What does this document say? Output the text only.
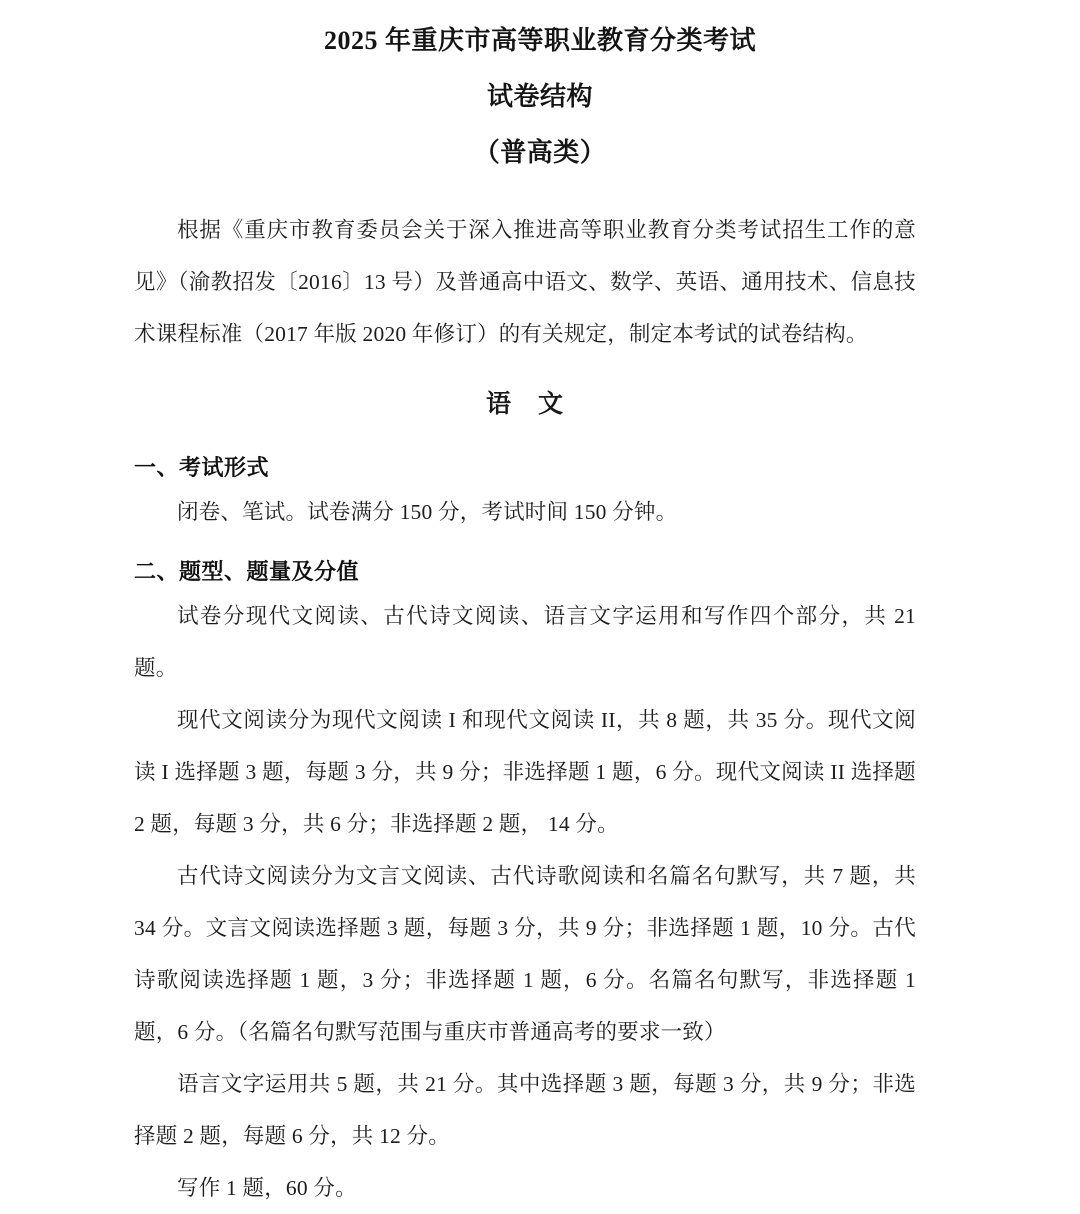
2025 年重庆市高等职业教育分类考试
试卷结构
（普高类）

根据《重庆市教育委员会关于深入推进高等职业教育分类考试招生工作的意见》（渝教招发〔2016〕13 号）及普通高中语文、数学、英语、通用技术、信息技术课程标准（2017 年版 2020 年修订）的有关规定，制定本考试的试卷结构。

语　文
一、考试形式

闭卷、笔试。试卷满分 150 分，考试时间 150 分钟。

二、题型、题量及分值

试卷分现代文阅读、古代诗文阅读、语言文字运用和写作四个部分，共 21 题。

现代文阅读分为现代文阅读 I 和现代文阅读 II，共 8 题，共 35 分。现代文阅读 I 选择题 3 题，每题 3 分，共 9 分；非选择题 1 题，6 分。现代文阅读 II 选择题 2 题，每题 3 分，共 6 分；非选择题 2 题， 14 分。

古代诗文阅读分为文言文阅读、古代诗歌阅读和名篇名句默写，共 7 题，共 34 分。文言文阅读选择题 3 题，每题 3 分，共 9 分；非选择题 1 题，10 分。古代诗歌阅读选择题 1 题，3 分；非选择题 1 题，6 分。名篇名句默写，非选择题 1 题，6 分。（名篇名句默写范围与重庆市普通高考的要求一致）

语言文字运用共 5 题，共 21 分。其中选择题 3 题，每题 3 分，共 9 分；非选择题 2 题，每题 6 分，共 12 分。

写作 1 题，60 分。
